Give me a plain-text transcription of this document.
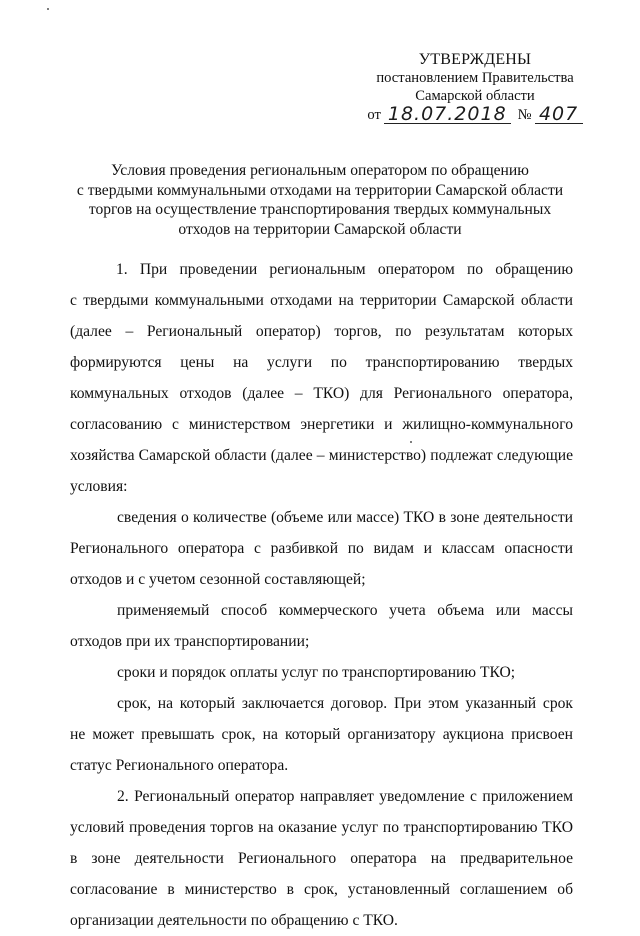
УТВЕРЖДЕНЫ
постановлением Правительства
Самарской области
от 18.07.2018 № 407
Условия проведения региональным оператором по обращению
с твердыми коммунальными отходами на территории Самарской области
торгов на осуществление транспортирования твердых коммунальных
отходов на территории Самарской области
1. При проведении региональным оператором по обращению
с твердыми коммунальными отходами на территории Самарской области
(далее – Региональный оператор) торгов, по результатам которых
формируются цены на услуги по транспортированию твердых
коммунальных отходов (далее – ТКО) для Регионального оператора,
согласованию с министерством энергетики и жилищно-коммунального
хозяйства Самарской области (далее – министерство) подлежат следующие
условия:
сведения о количестве (объеме или массе) ТКО в зоне деятельности
Регионального оператора с разбивкой по видам и классам опасности
отходов и с учетом сезонной составляющей;
применяемый способ коммерческого учета объема или массы
отходов при их транспортировании;
сроки и порядок оплаты услуг по транспортированию ТКО;
срок, на который заключается договор. При этом указанный срок
не может превышать срок, на который организатору аукциона присвоен
статус Регионального оператора.
2. Региональный оператор направляет уведомление с приложением
условий проведения торгов на оказание услуг по транспортированию ТКО
в зоне деятельности Регионального оператора на предварительное
согласование в министерство в срок, установленный соглашением об
организации деятельности по обращению с ТКО.
